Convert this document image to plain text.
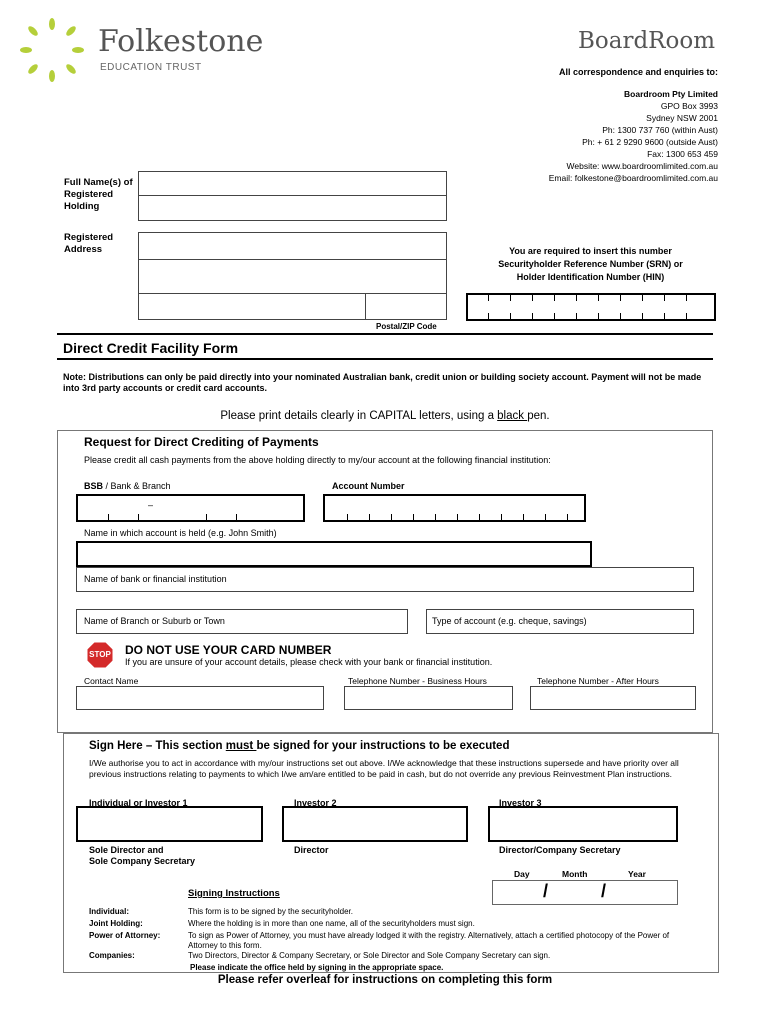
Folkestone
EDUCATION TRUST
BoardRoom
All correspondence and enquiries to:
Boardroom Pty Limited
GPO Box 3993
Sydney NSW 2001
Ph: 1300 737 760 (within Aust)
Ph: + 61 2 9290 9600 (outside Aust)
Fax: 1300 653 459
Website: www.boardroomlimited.com.au
Email: folkestone@boardroomlimited.com.au
Full Name(s) of Registered Holding
Registered Address
Postal/ZIP Code
You are required to insert this number
Securityholder Reference Number (SRN) or
Holder Identification Number (HIN)
Direct Credit Facility Form
Note: Distributions can only be paid directly into your nominated Australian bank, credit union or building society account. Payment will not be made into 3rd party accounts or credit card accounts.
Please print details clearly in CAPITAL letters, using a black pen.
Request for Direct Crediting of Payments
Please credit all cash payments from the above holding directly to my/our account at the following financial institution:
BSB / Bank & Branch	Account Number
–
Name in which account is held (e.g. John Smith)
Name of bank or financial institution
Name of Branch or Suburb or Town	Type of account (e.g. cheque, savings)
STOP DO NOT USE YOUR CARD NUMBER
If you are unsure of your account details, please check with your bank or financial institution.
Contact Name	Telephone Number - Business Hours	Telephone Number - After Hours
Sign Here – This section must be signed for your instructions to be executed
I/We authorise you to act in accordance with my/our instructions set out above. I/We acknowledge that these instructions supersede and have priority over all previous instructions relating to payments to which I/we am/are entitled to be paid in cash, but do not override any previous Reinvestment Plan instructions.
Individual or Investor 1	Investor 2	Investor 3
Sole Director and
Sole Company Secretary
Director	Director/Company Secretary
Day	Month	Year
/	/
Signing Instructions
Individual:	This form is to be signed by the securityholder.
Joint Holding:	Where the holding is in more than one name, all of the securityholders must sign.
Power of Attorney:	To sign as Power of Attorney, you must have already lodged it with the registry. Alternatively, attach a certified photocopy of the Power of Attorney to this form.
Companies:	Two Directors, Director & Company Secretary, or Sole Director and Sole Company Secretary can sign.
Please indicate the office held by signing in the appropriate space.
Please refer overleaf for instructions on completing this form
